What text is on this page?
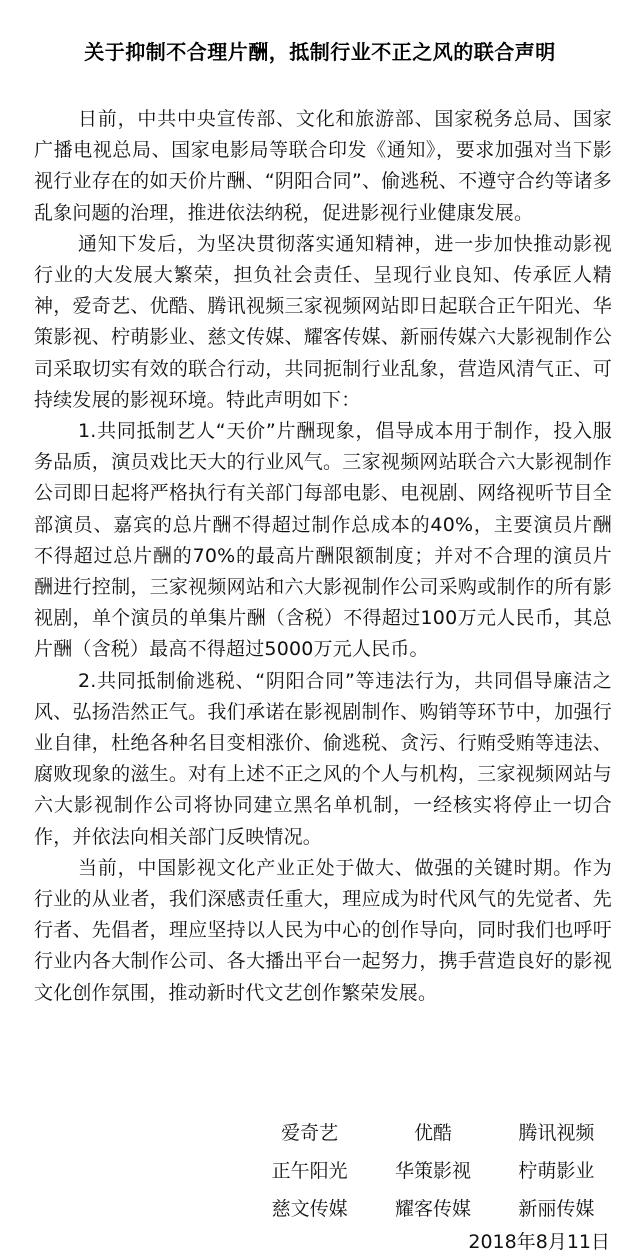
关于抑制不合理片酬，抵制行业不正之风的联合声明

日前，中共中央宣传部、文化和旅游部、国家税务总局、国家广播电视总局、国家电影局等联合印发《通知》，要求加强对当下影视行业存在的如天价片酬、“阴阳合同”、偷逃税、不遵守合约等诸多乱象问题的治理，推进依法纳税，促进影视行业健康发展。

通知下发后，为坚决贯彻落实通知精神，进一步加快推动影视行业的大发展大繁荣，担负社会责任、呈现行业良知、传承匠人精神，爱奇艺、优酷、腾讯视频三家视频网站即日起联合正午阳光、华策影视、柠萌影业、慈文传媒、耀客传媒、新丽传媒六大影视制作公司采取切实有效的联合行动，共同扼制行业乱象，营造风清气正、可持续发展的影视环境。特此声明如下：

1.共同抵制艺人“天价”片酬现象，倡导成本用于制作，投入服务品质，演员戏比天大的行业风气。三家视频网站联合六大影视制作公司即日起将严格执行有关部门每部电影、电视剧、网络视听节目全部演员、嘉宾的总片酬不得超过制作总成本的40%，主要演员片酬不得超过总片酬的70%的最高片酬限额制度；并对不合理的演员片酬进行控制，三家视频网站和六大影视制作公司采购或制作的所有影视剧，单个演员的单集片酬（含税）不得超过100万元人民币，其总片酬（含税）最高不得超过5000万元人民币。

2.共同抵制偷逃税、“阴阳合同”等违法行为，共同倡导廉洁之风、弘扬浩然正气。我们承诺在影视剧制作、购销等环节中，加强行业自律，杜绝各种名目变相涨价、偷逃税、贪污、行贿受贿等违法、腐败现象的滋生。对有上述不正之风的个人与机构，三家视频网站与六大影视制作公司将协同建立黑名单机制，一经核实将停止一切合作，并依法向相关部门反映情况。

当前，中国影视文化产业正处于做大、做强的关键时期。作为行业的从业者，我们深感责任重大，理应成为时代风气的先觉者、先行者、先倡者，理应坚持以人民为中心的创作导向，同时我们也呼吁行业内各大制作公司、各大播出平台一起努力，携手营造良好的影视文化创作氛围，推动新时代文艺创作繁荣发展。

爱奇艺	优酷	腾讯视频
正午阳光	华策影视	柠萌影业
慈文传媒	耀客传媒	新丽传媒
2018年8月11日
